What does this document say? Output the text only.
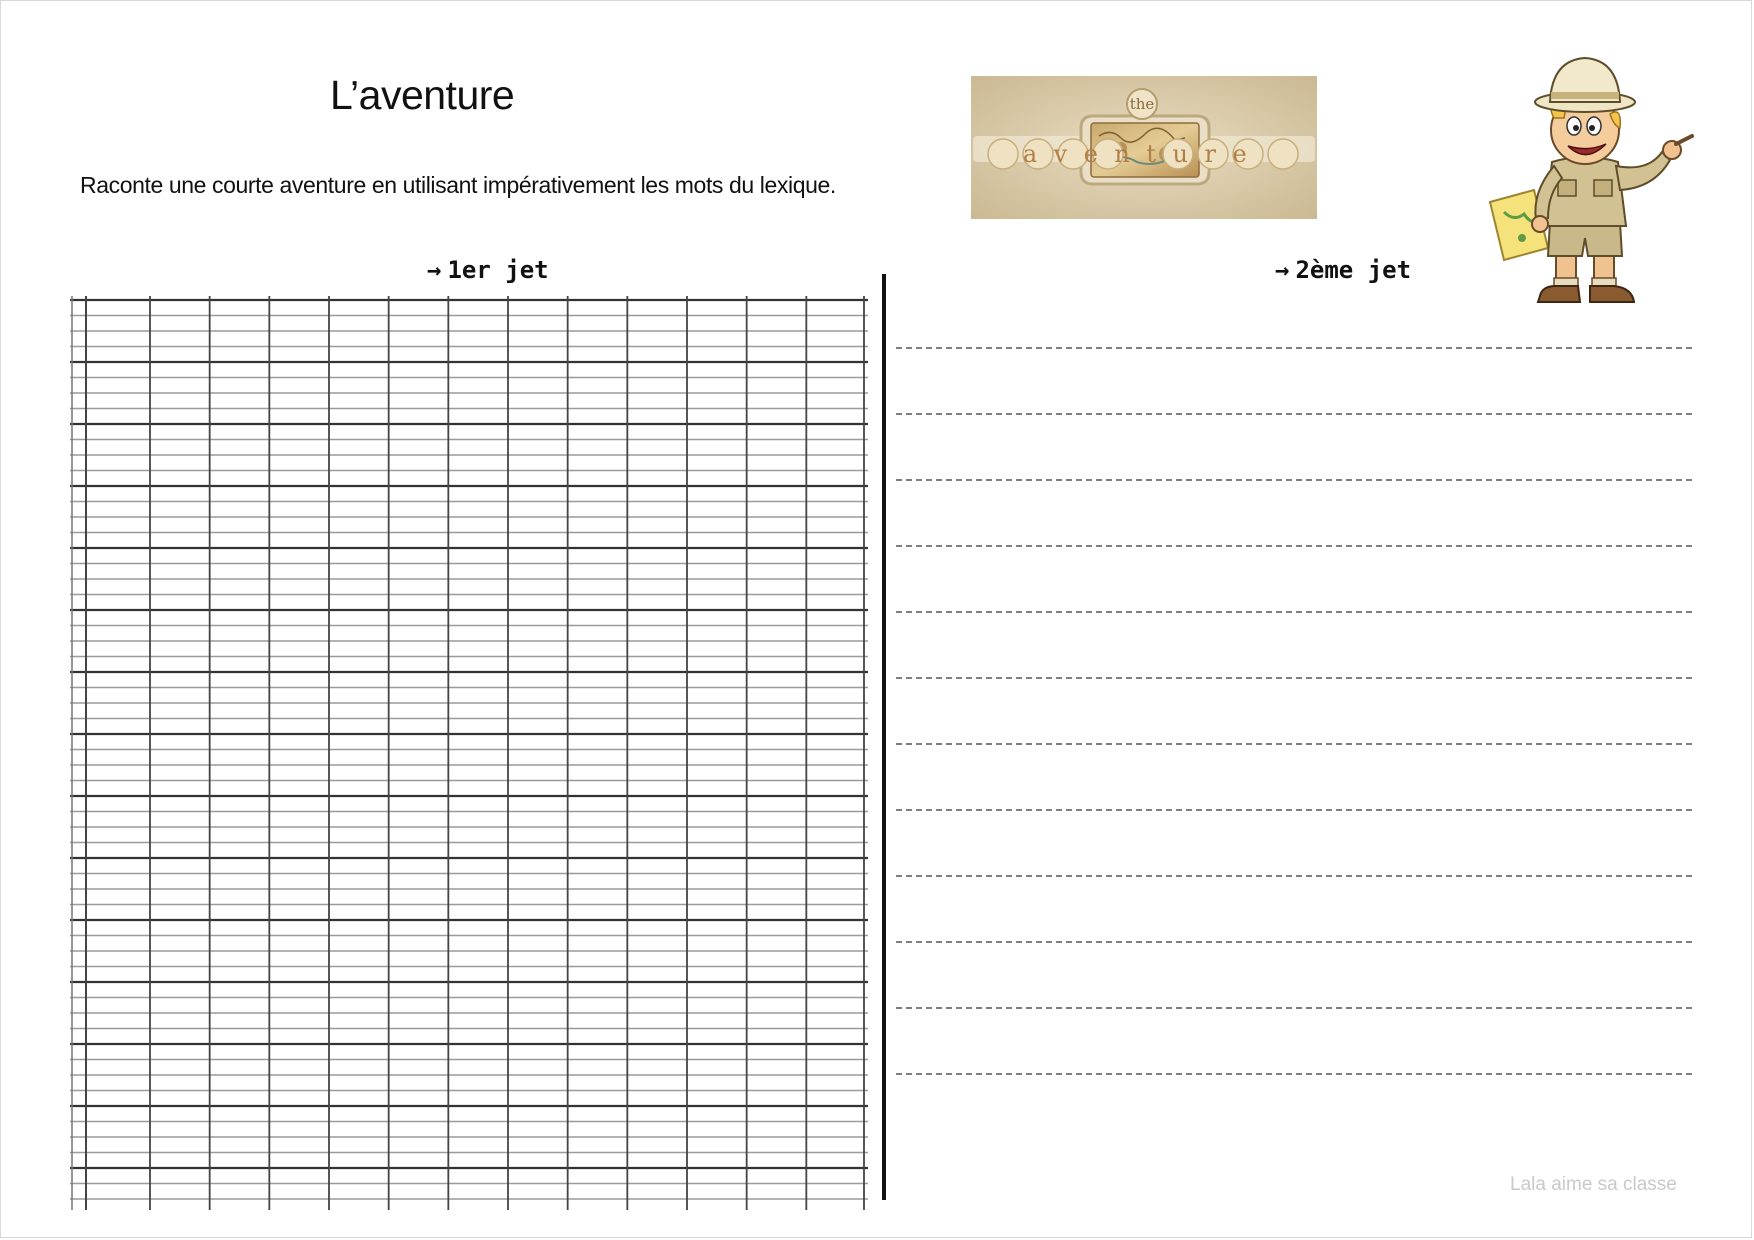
L’aventure
Raconte une courte aventure en utilisant impérativement les mots du lexique.
the
aventure
→ 1er jet	→ 2ème jet
Lala aime sa classe
